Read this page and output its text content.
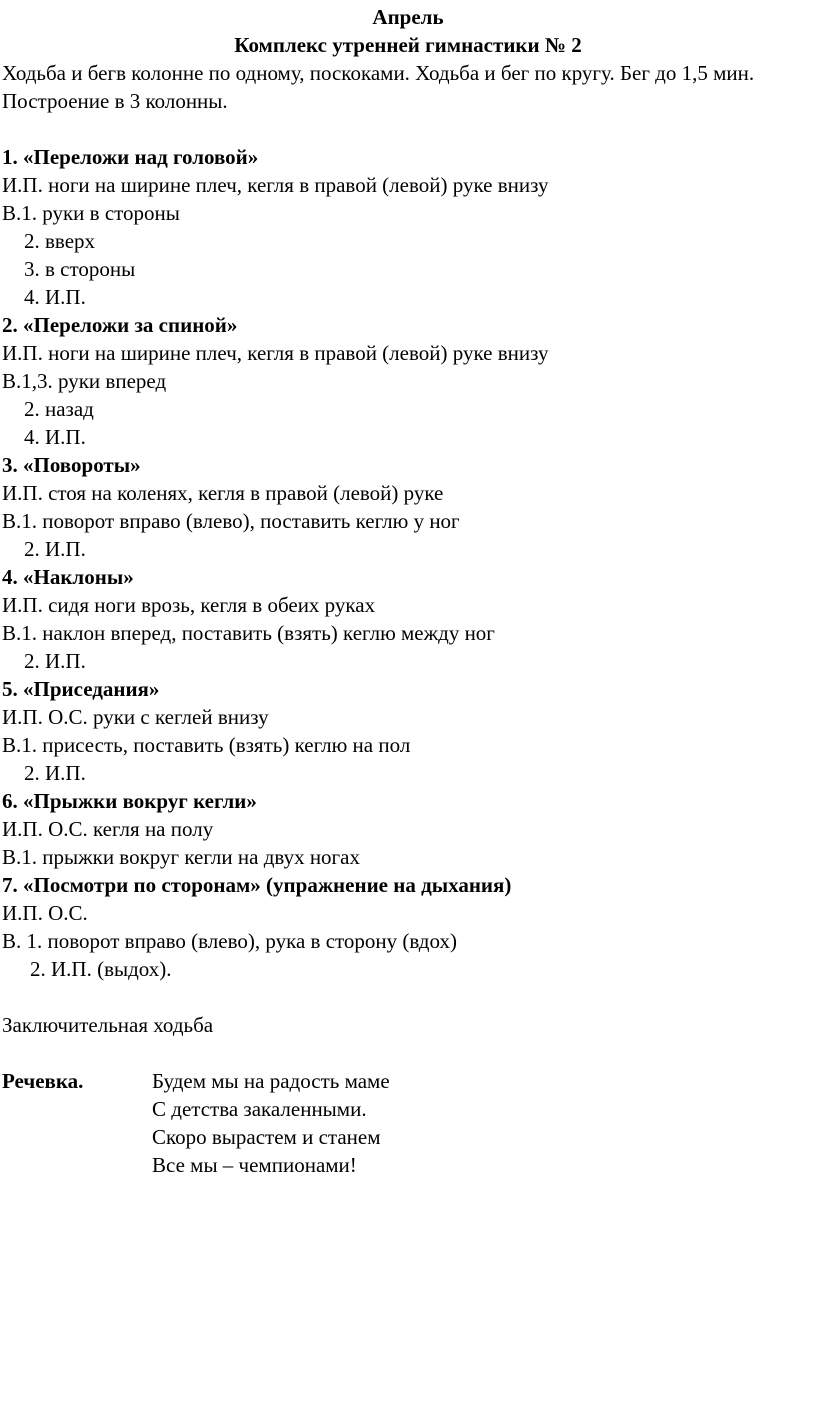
Апрель
Комплекс утренней гимнастики № 2
Ходьба и бегв колонне по одному, поскоками. Ходьба и бег по кругу. Бег до 1,5 мин. Построение в 3 колонны.
1. «Переложи над головой»
И.П. ноги на ширине плеч, кегля в правой (левой) руке внизу
В.1. руки в стороны
2. вверх
3. в стороны
4. И.П.
2. «Переложи за спиной»
И.П. ноги на ширине плеч, кегля в правой (левой) руке внизу
В.1,3. руки вперед
2. назад
4. И.П.
3. «Повороты»
И.П. стоя на коленях, кегля в правой (левой) руке
В.1. поворот вправо (влево), поставить кеглю у ног
2. И.П.
4. «Наклоны»
И.П. сидя ноги врозь, кегля в обеих руках
В.1. наклон вперед, поставить (взять) кеглю между ног
2. И.П.
5. «Приседания»
И.П. О.С. руки с кеглей внизу
В.1. присесть, поставить (взять) кеглю на пол
2. И.П.
6. «Прыжки вокруг кегли»
И.П. О.С. кегля на полу
В.1. прыжки вокруг кегли на двух ногах
7. «Посмотри по сторонам» (упражнение на дыхания)
И.П. О.С.
В. 1. поворот вправо (влево), рука в сторону (вдох)
2. И.П. (выдох).
Заключительная ходьба
Речевка.	Будем мы на радость маме
С детства закаленными.
Скоро вырастем и станем
Все мы – чемпионами!
